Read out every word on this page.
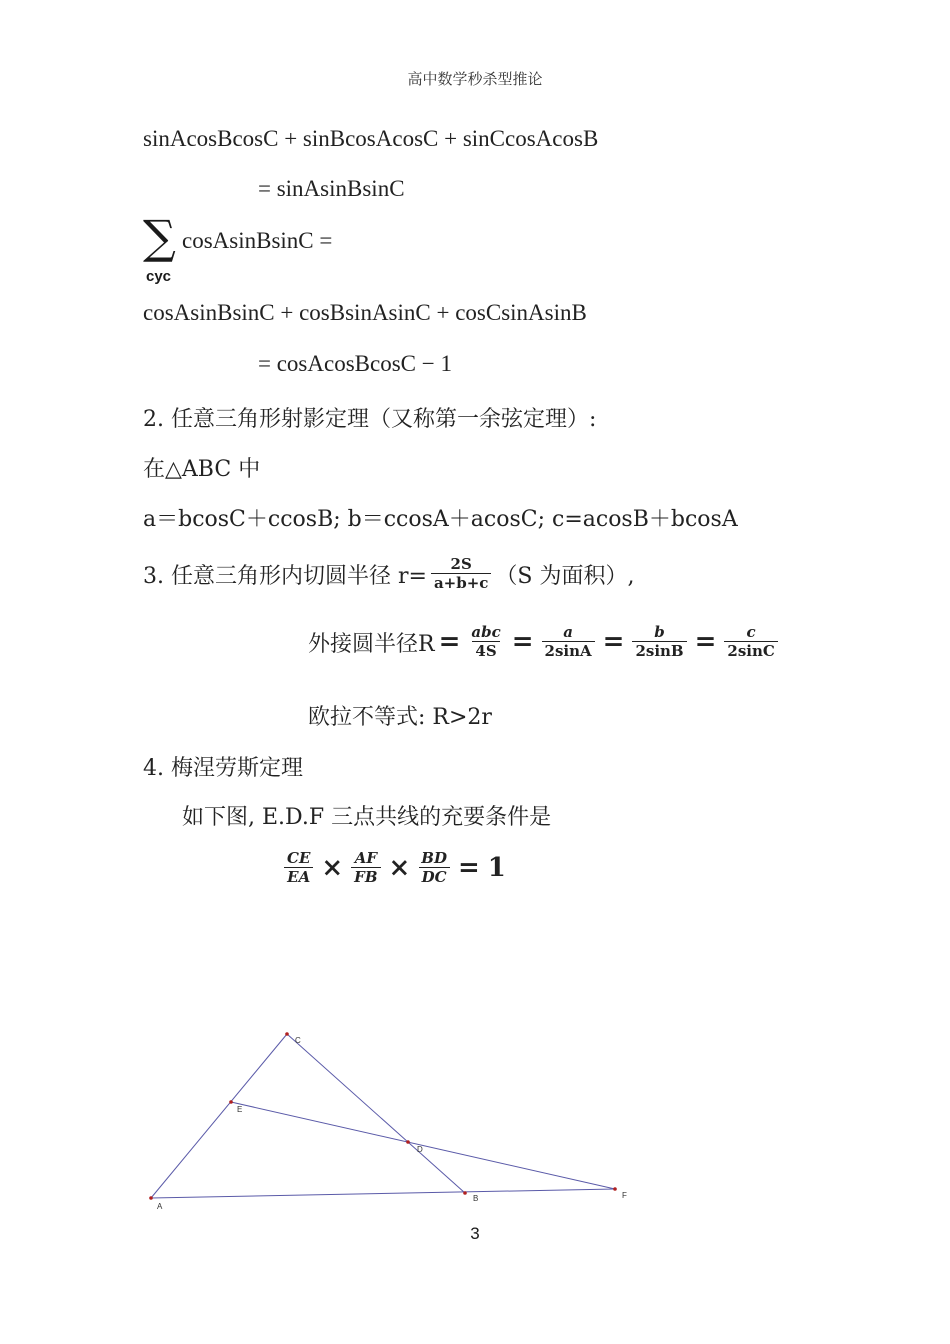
高中数学秒杀型推论
sinAcosBcosC + sinBcosAcosC + sinCcosAcosB
= sinAsinBsinC
∑
cyc
cosAsinBsinC =
cosAsinBsinC + cosBsinAsinC + cosCsinAsinB
= cosAcosBcosC − 1
2. 任意三角形射影定理（又称第一余弦定理）:
在△ABC 中
a＝bcosC＋ccosB; b＝ccosA＋acosC; c=acosB＋bcosA
3. 任意三角形内切圆半径 $r= \frac{2S}{a+b+c} (S$ 为面积）,
外接圆半径$R = \frac{\text{abc}}{4S} = \frac{a}{2\sin A} = \frac{b}{2\sin B} = \frac{c}{2\sin C}$
欧拉不等式: R>2r
4. 梅涅劳斯定理
如下图, E.D.F 三点共线的充要条件是
$\frac{CE}{EA} \times \frac{AF}{FB} \times \frac{BD}{DC} = 1$
A
C
E
D
B	F
3
